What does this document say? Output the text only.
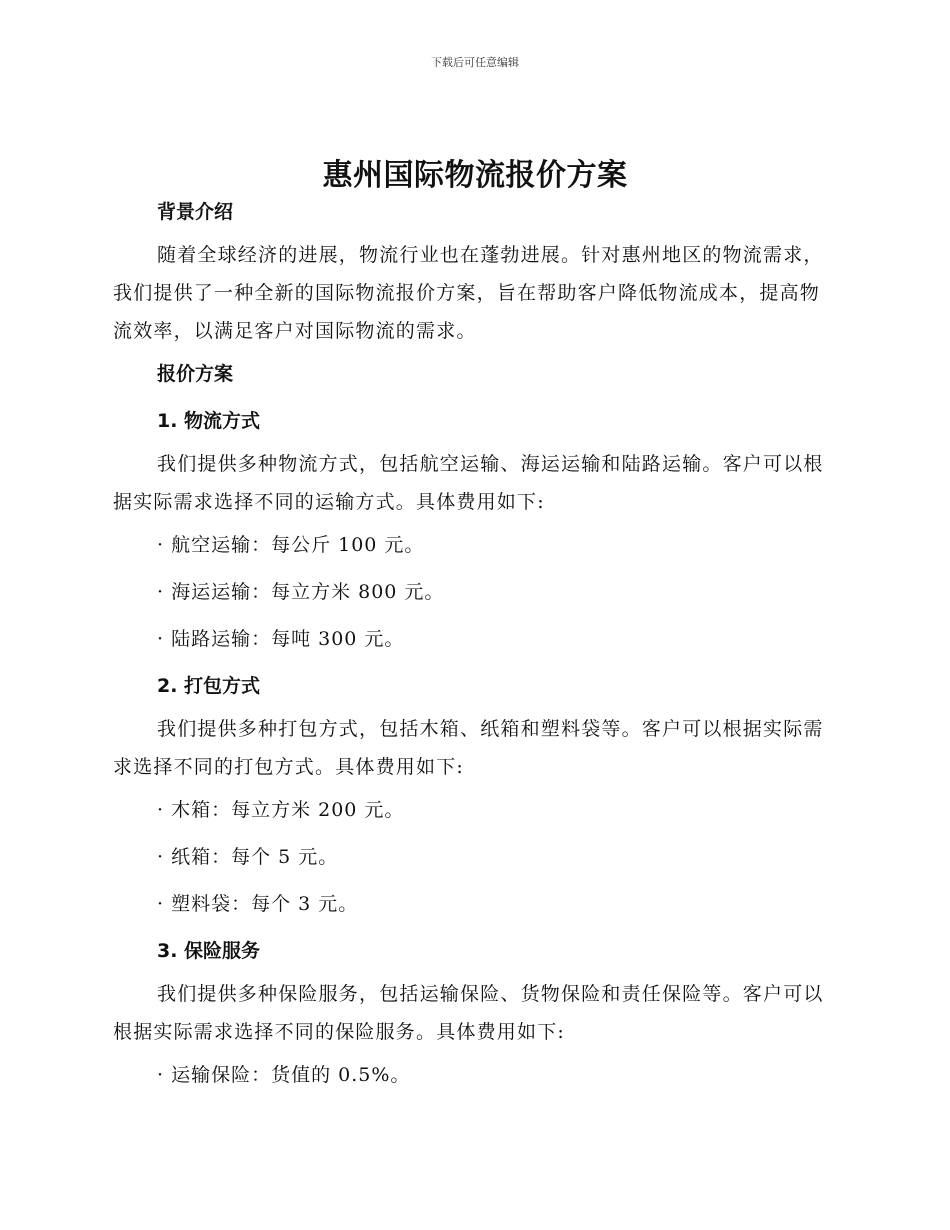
下载后可任意编辑
惠州国际物流报价方案
背景介绍

随着全球经济的进展，物流行业也在蓬勃进展。针对惠州地区的物流需求，我们提供了一种全新的国际物流报价方案，旨在帮助客户降低物流成本，提高物流效率，以满足客户对国际物流的需求。

报价方案
1. 物流方式

我们提供多种物流方式，包括航空运输、海运运输和陆路运输。客户可以根据实际需求选择不同的运输方式。具体费用如下:

· 航空运输：每公斤 100 元。
· 海运运输：每立方米 800 元。
· 陆路运输：每吨 300 元。
2. 打包方式

我们提供多种打包方式，包括木箱、纸箱和塑料袋等。客户可以根据实际需求选择不同的打包方式。具体费用如下:

· 木箱：每立方米 200 元。
· 纸箱：每个 5 元。
· 塑料袋：每个 3 元。
3. 保险服务

我们提供多种保险服务，包括运输保险、货物保险和责任保险等。客户可以根据实际需求选择不同的保险服务。具体费用如下:

· 运输保险：货值的 0.5%。
